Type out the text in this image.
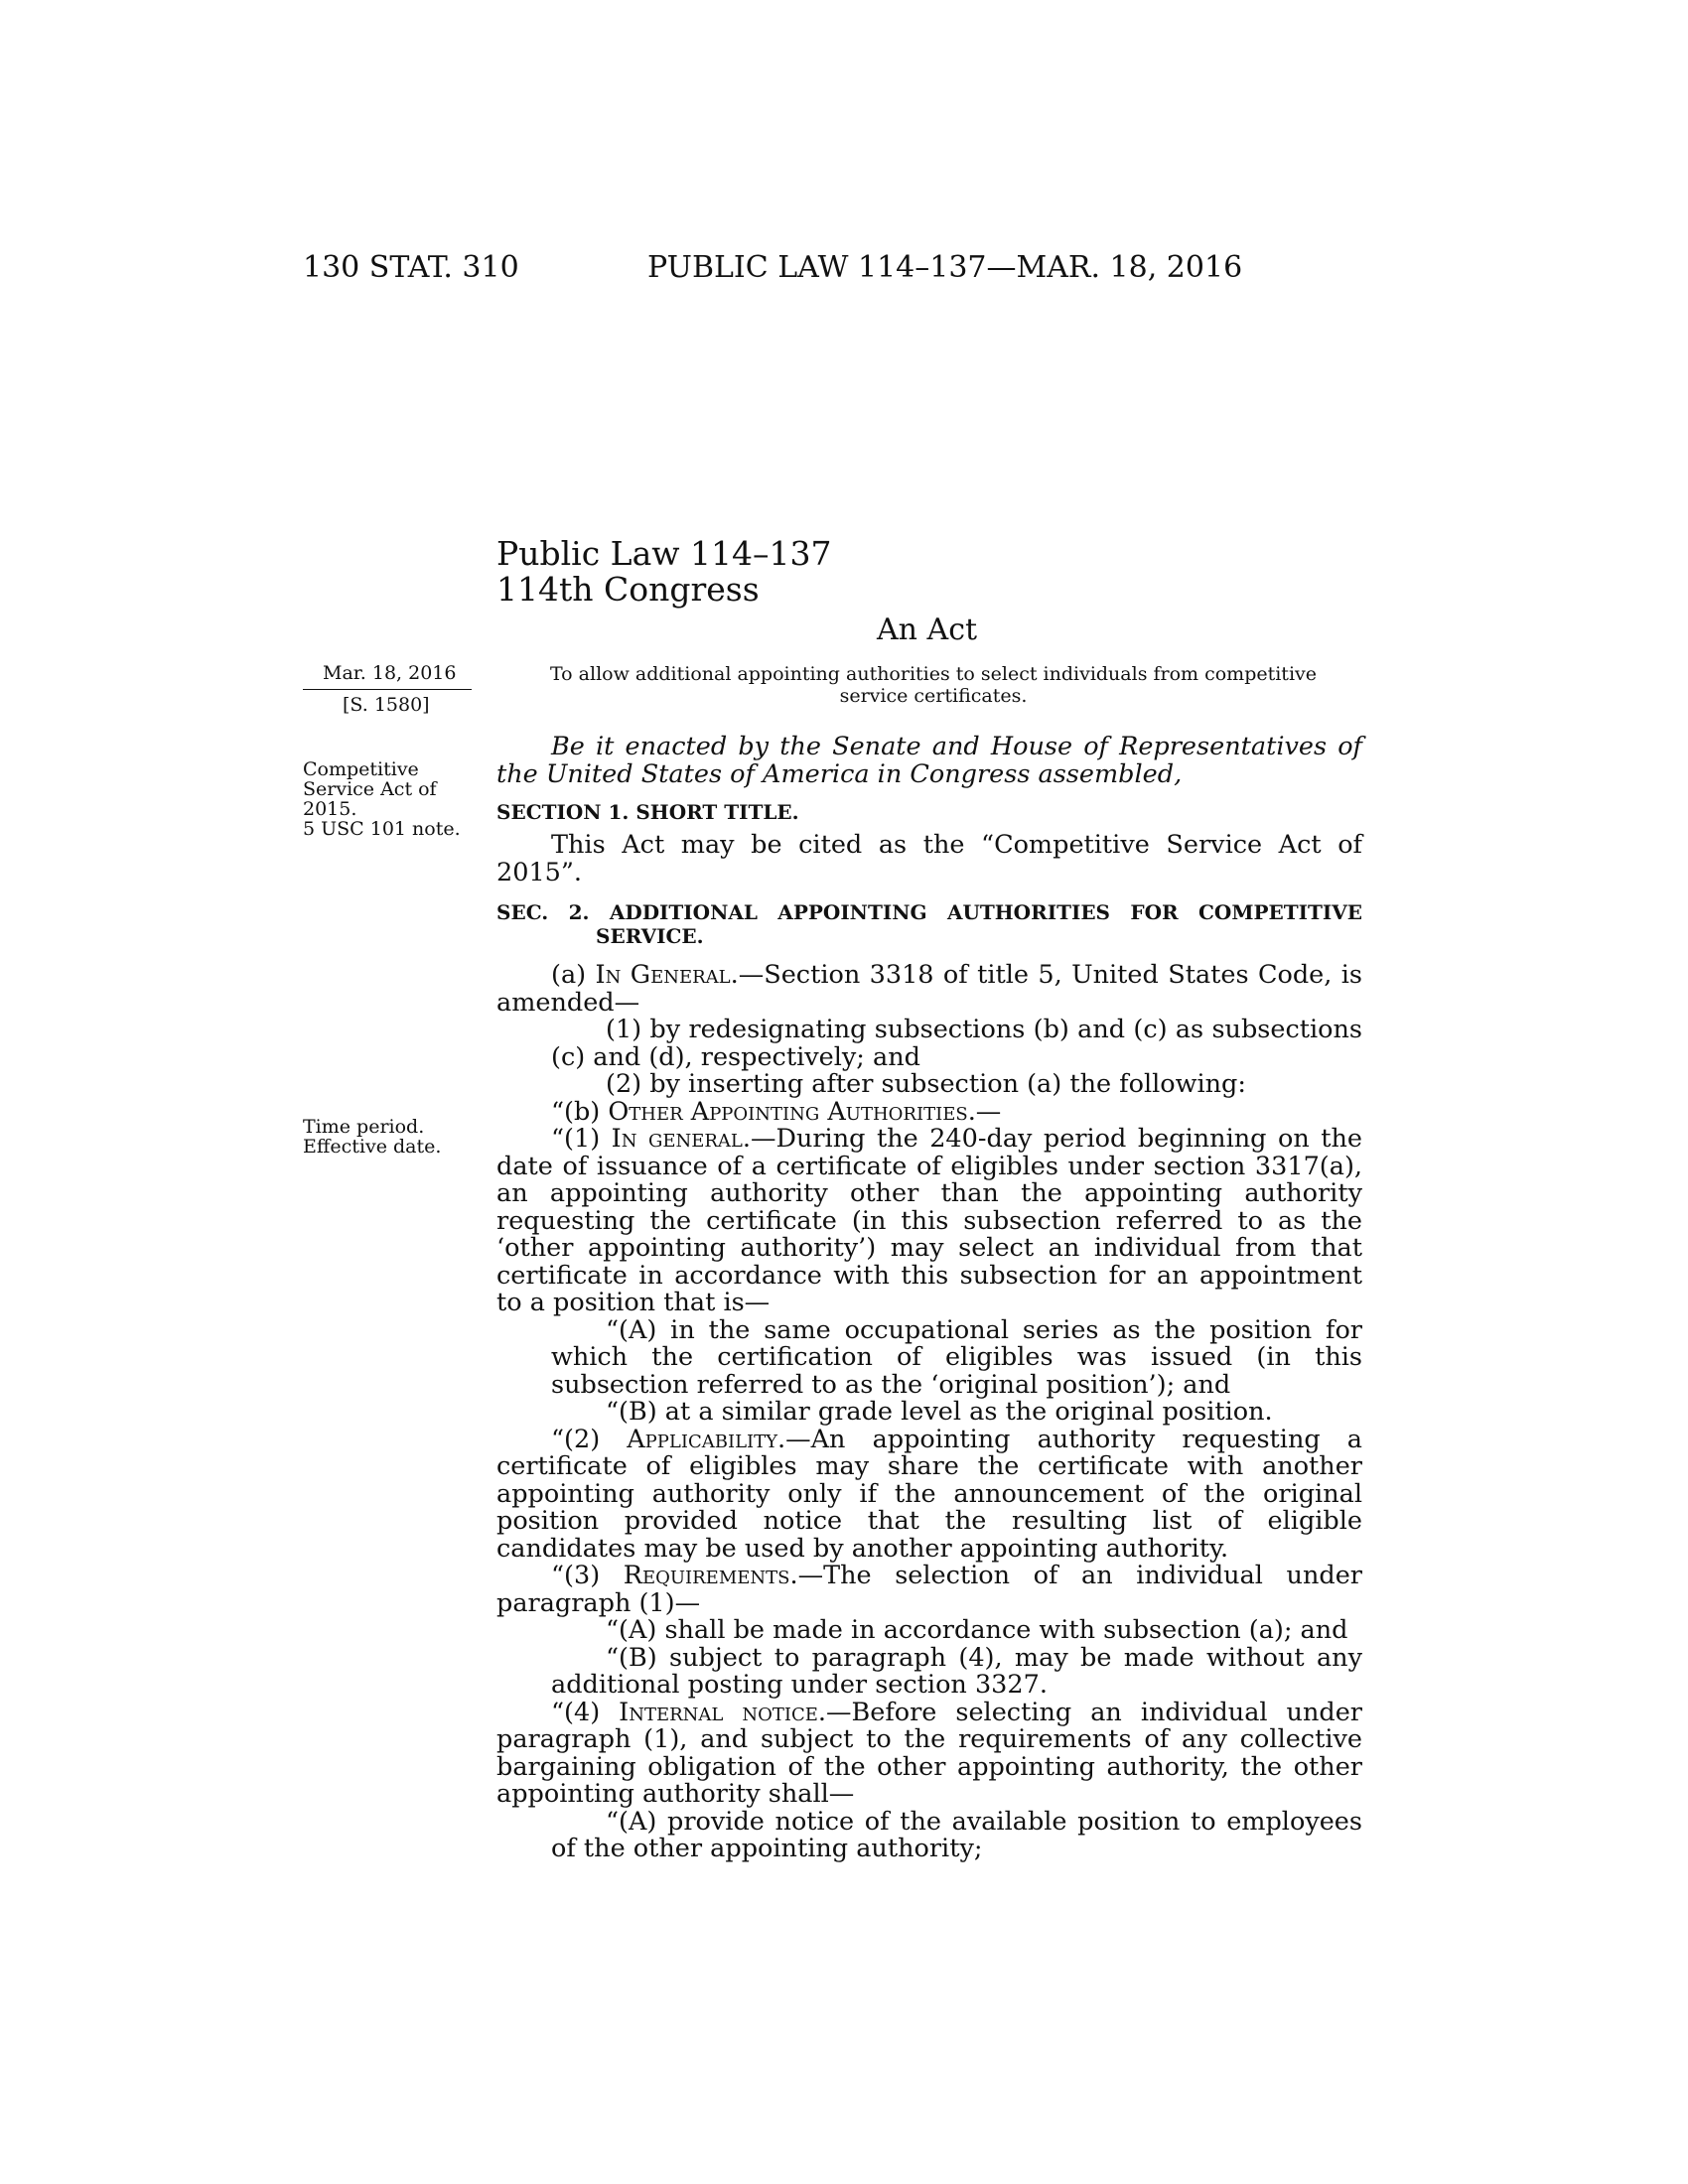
130 STAT. 310	PUBLIC LAW 114–137—MAR. 18, 2016
Public Law 114–137
114th Congress
An Act
To allow additional appointing authorities to select individuals from competitive service certificates.
Mar. 18, 2016
[S. 1580]
Competitive
Service Act of
2015.
5 USC 101 note.
Time period.
Effective date.

Be it enacted by the Senate and House of Representatives of the United States of America in Congress assembled,

SECTION 1. SHORT TITLE.

This Act may be cited as the “Competitive Service Act of 2015”.

SEC. 2. ADDITIONAL APPOINTING AUTHORITIES FOR COMPETITIVE SERVICE.

(a) In General.—Section 3318 of title 5, United States Code, is amended—

(1) by redesignating subsections (b) and (c) as subsections (c) and (d), respectively; and

(2) by inserting after subsection (a) the following:

“(b) Other Appointing Authorities.—

“(1) In general.—During the 240-day period beginning on the date of issuance of a certificate of eligibles under section 3317(a), an appointing authority other than the appointing authority requesting the certificate (in this subsection referred to as the ‘other appointing authority’) may select an individual from that certificate in accordance with this subsection for an appointment to a position that is—

“(A) in the same occupational series as the position for which the certification of eligibles was issued (in this subsection referred to as the ‘original position’); and

“(B) at a similar grade level as the original position.

“(2) Applicability.—An appointing authority requesting a certificate of eligibles may share the certificate with another appointing authority only if the announcement of the original position provided notice that the resulting list of eligible candidates may be used by another appointing authority.

“(3) Requirements.—The selection of an individual under paragraph (1)—

“(A) shall be made in accordance with subsection (a); and

“(B) subject to paragraph (4), may be made without any additional posting under section 3327.

“(4) Internal notice.—Before selecting an individual under paragraph (1), and subject to the requirements of any collective bargaining obligation of the other appointing authority, the other appointing authority shall—

“(A) provide notice of the available position to employees of the other appointing authority;
